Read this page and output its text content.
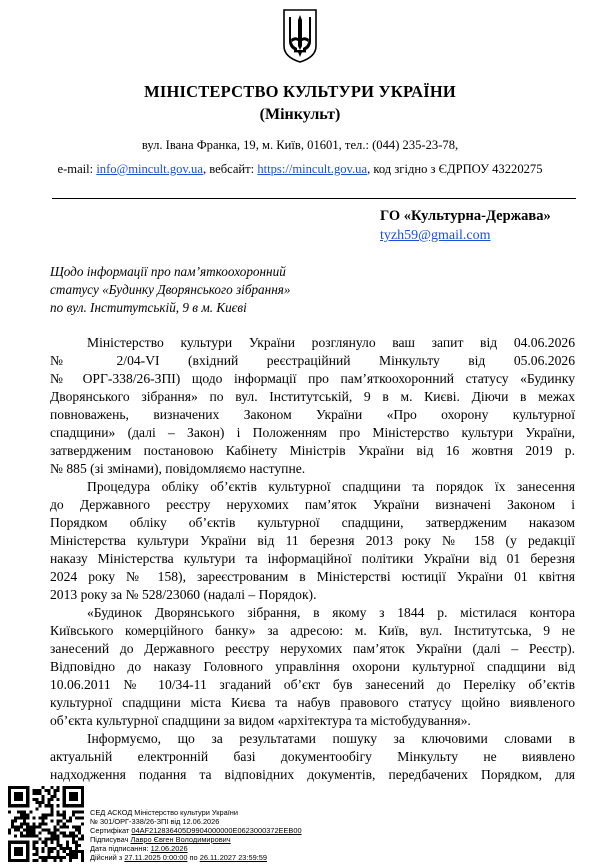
МІНІСТЕРСТВО КУЛЬТУРИ УКРАЇНИ
(Мінкульт)
вул. Івана Франка, 19, м. Київ, 01601, тел.: (044) 235-23-78,
e-mail: info@mincult.gov.ua, вебсайт: https://mincult.gov.ua, код згідно з ЄДРПОУ 43220275
ГО «Культурна-Держава»
tyzh59@gmail.com
Щодо інформації про пам’яткоохоронний
статусу «Будинку Дворянського зібрання»
по вул. Інститутській, 9 в м. Києві
Міністерство культури України розглянуло ваш запит від 04.06.2026
№ 2/04-VI (вхідний реєстраційний Мінкульту від 05.06.2026
№ ОРГ-338/26-ЗПІ) щодо інформації про пам’яткоохоронний статусу «Будинку
Дворянського зібрання» по вул. Інститутській, 9 в м. Києві. Діючи в межах
повноважень, визначених Законом України «Про охорону культурної
спадщини» (далі – Закон) і Положенням про Міністерство культури України,
затвердженим постановою Кабінету Міністрів України від 16 жовтня 2019 р.
№ 885 (зі змінами), повідомляємо наступне.
Процедура обліку об’єктів культурної спадщини та порядок їх занесення
до Державного реєстру нерухомих пам’яток України визначені Законом і
Порядком обліку об’єктів культурної спадщини, затвердженим наказом
Міністерства культури України від 11 березня 2013 року № 158 (у редакції
наказу Міністерства культури та інформаційної політики України від 01 березня
2024 року № 158), зареєстрованим в Міністерстві юстиції України 01 квітня
2013 року за № 528/23060 (надалі – Порядок).
«Будинок Дворянського зібрання, в якому з 1844 р. містилася контора
Київського комерційного банку» за адресою: м. Київ, вул. Інститутська, 9 не
занесений до Державного реєстру нерухомих пам’яток України (далі – Реєстр).
Відповідно до наказу Головного управління охорони культурної спадщини від
10.06.2011 № 10/34-11 згаданий об’єкт був занесений до Переліку об’єктів
культурної спадщини міста Києва та набув правового статусу щойно виявленого
об’єкта культурної спадщини за видом «архітектура та містобудування».
Інформуємо, що за результатами пошуку за ключовими словами в
актуальній електронній базі документообігу Мінкульту не виявлено
надходження подання та відповідних документів, передбачених Порядком, для
СЕД АСКОД Міністерство культури України
№ 301/ОРГ-338/26-ЗПІ від 12.06.2026
Сертифікат 04AF212836405D9904000000E0623000372EEB00
Підписувач Лавро Євген Володимирович
Дата підписання: 12.06.2026
Дійсний з 27.11.2025 0:00:00 по 26.11.2027 23:59:59
